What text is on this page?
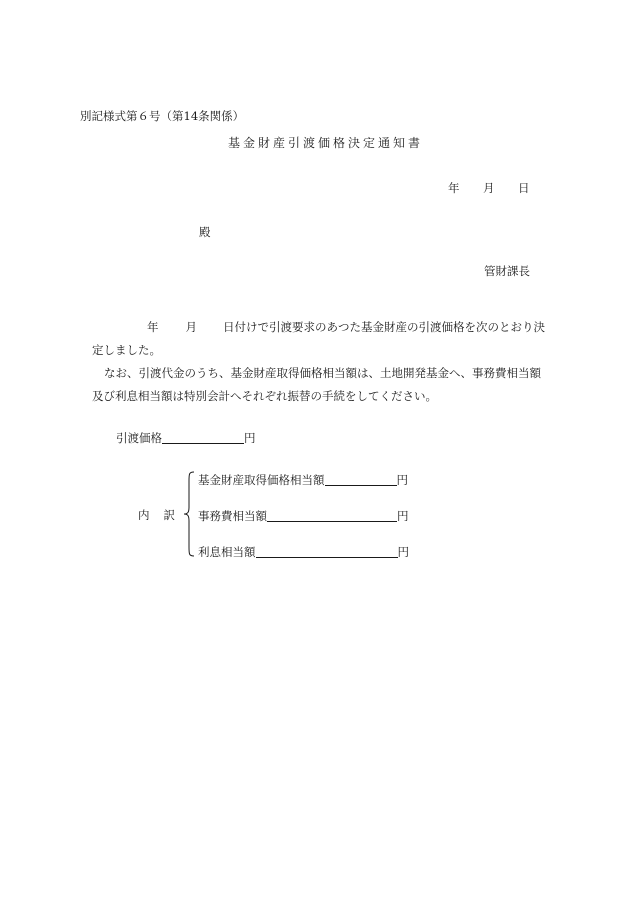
別記様式第６号（第14条関係）
基金財産引渡価格決定通知書
年 月 日
殿
管財課長
年 月 日付けで引渡要求のあつた基金財産の引渡価格を次のとおり決
定しました。
なお、引渡代金のうち、基金財産取得価格相当額は、土地開発基金へ、事務費相当額
及び利息相当額は特別会計へそれぞれ振替の手続をしてください。
引渡価格	円
内 訳
基金財産取得価格相当額	円
事務費相当額	円
利息相当額	円
